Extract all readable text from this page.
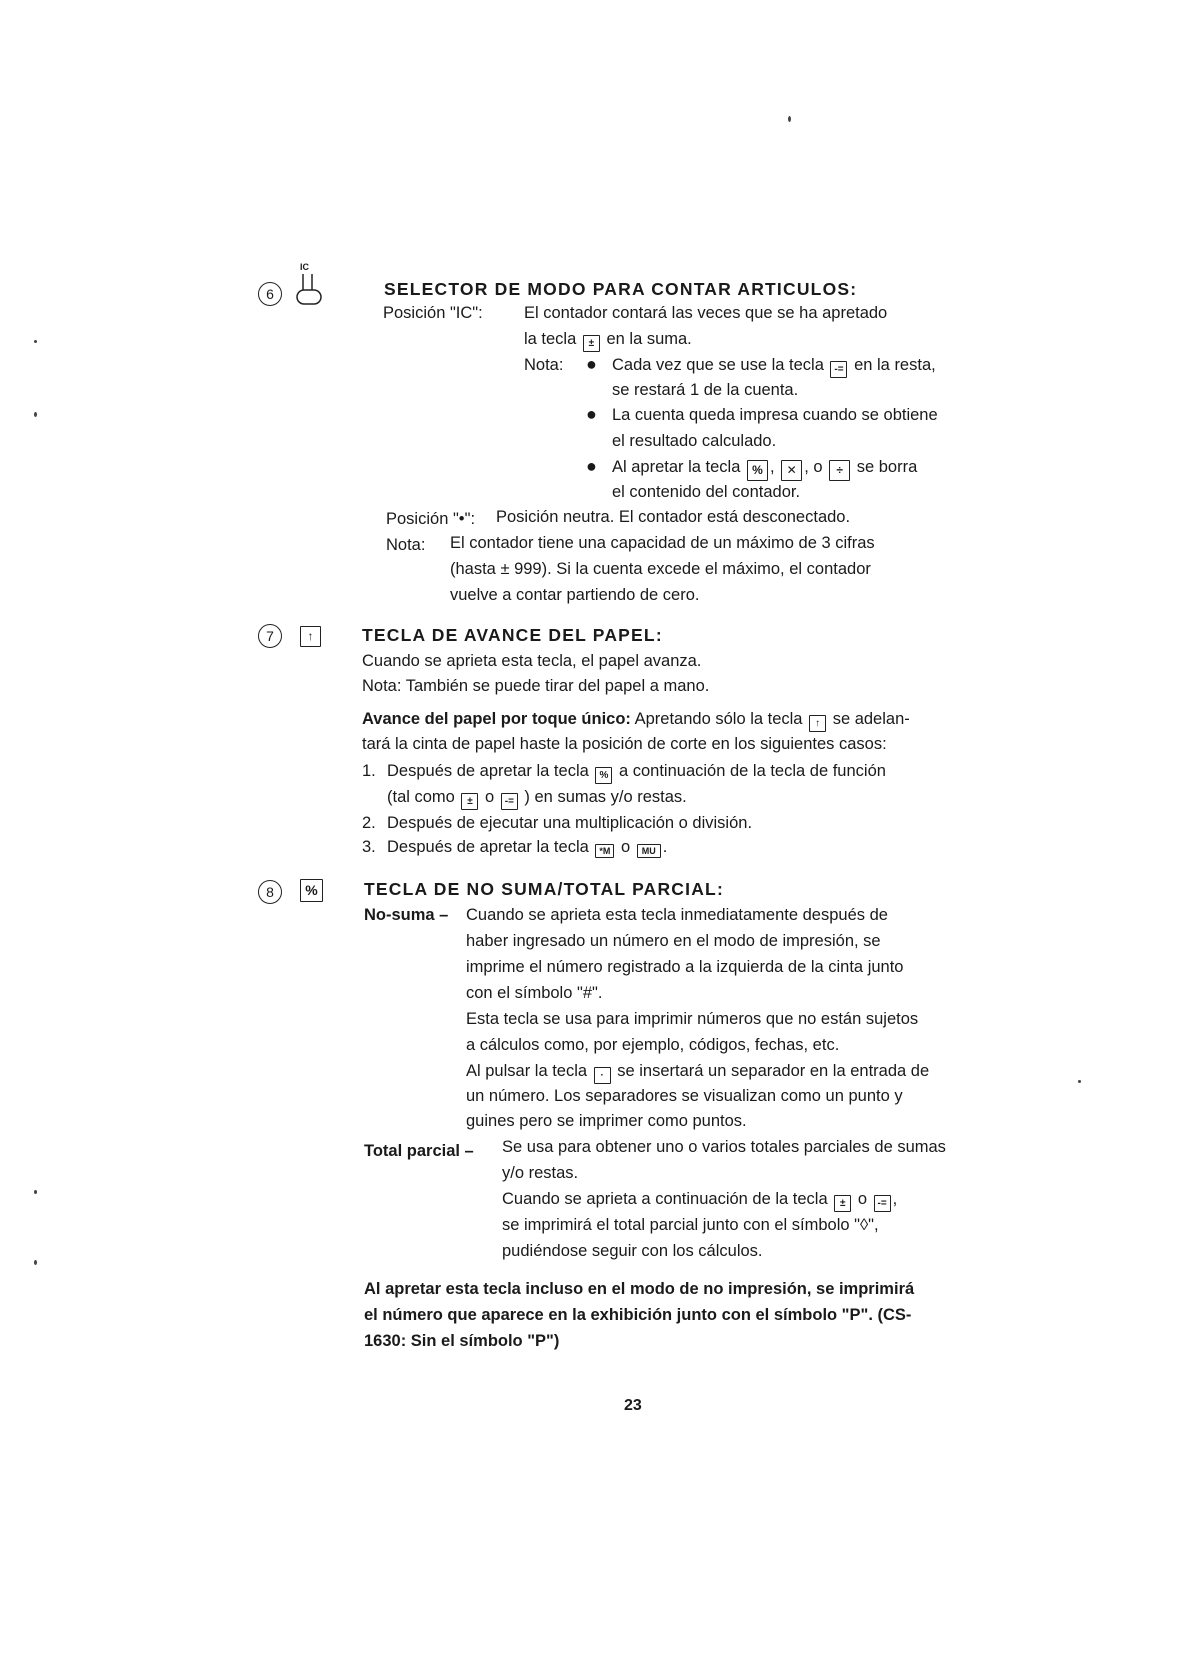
IC
6	SELECTOR DE MODO PARA CONTAR ARTICULOS:
Posición "IC":	El contador contará las veces que se ha apretado
la tecla ± en la suma.
Nota: ● Cada vez que se use la tecla -= en la resta,
se restará 1 de la cuenta.
● La cuenta queda impresa cuando se obtiene
el resultado calculado.
● Al apretar la tecla % , ✕ , o ÷ se borra
el contenido del contador.
Posición "•": Posición neutra. El contador está desconectado.
Nota: El contador tiene una capacidad de un máximo de 3 cifras
(hasta ± 999). Si la cuenta excede el máximo, el contador
vuelve a contar partiendo de cero.
7	↑	TECLA DE AVANCE DEL PAPEL:
Cuando se aprieta esta tecla, el papel avanza.
Nota: También se puede tirar del papel a mano.
Avance del papel por toque único: Apretando sólo la tecla ↑ se adelan-
tará la cinta de papel haste la posición de corte en los siguientes casos:
1. Después de apretar la tecla % a continuación de la tecla de función
(tal como ± o -= ) en sumas y/o restas.
2. Después de ejecutar una multiplicación o división.
3. Después de apretar la tecla *M o MU .
8	%	TECLA DE NO SUMA/TOTAL PARCIAL:
No-suma – Cuando se aprieta esta tecla inmediatamente después de
haber ingresado un número en el modo de impresión, se
imprime el número registrado a la izquierda de la cinta junto
con el símbolo "#".
Esta tecla se usa para imprimir números que no están sujetos
a cálculos como, por ejemplo, códigos, fechas, etc.
Al pulsar la tecla · se insertará un separador en la entrada de
un número. Los separadores se visualizan como un punto y
guines pero se imprimer como puntos.
Total parcial – Se usa para obtener uno o varios totales parciales de sumas
y/o restas.
Cuando se aprieta a continuación de la tecla ± o -= ,
se imprimirá el total parcial junto con el símbolo "◊",
pudiéndose seguir con los cálculos.
Al apretar esta tecla incluso en el modo de no impresión, se imprimirá
el número que aparece en la exhibición junto con el símbolo "P". (CS-
1630: Sin el símbolo "P")
23
